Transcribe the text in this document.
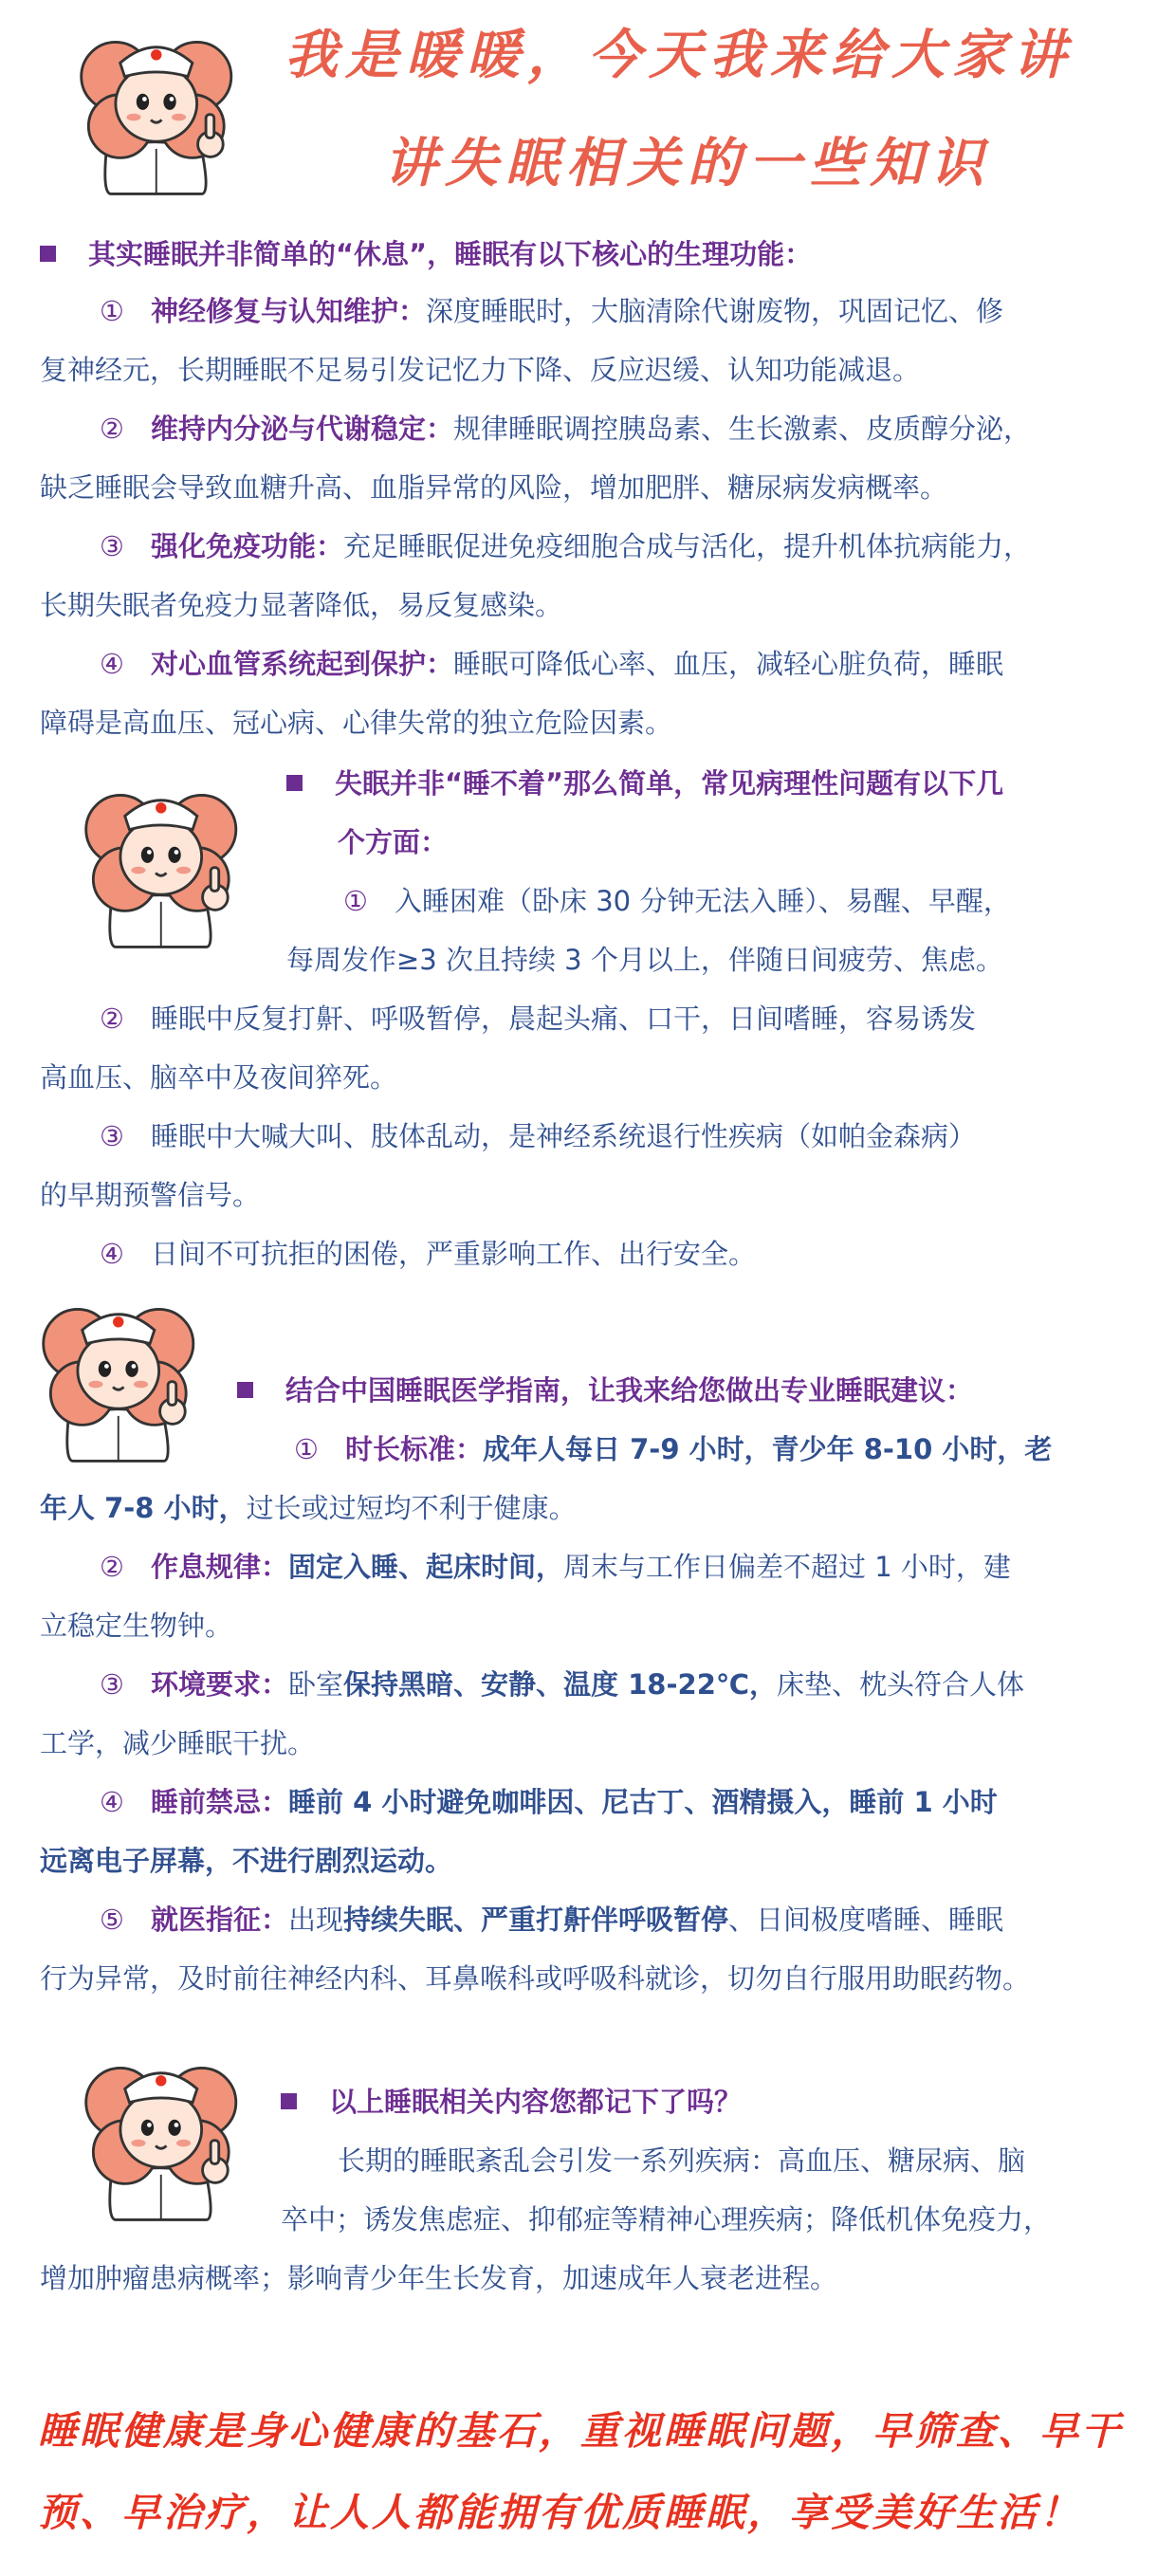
我是暖暖，今天我来给大家讲
讲失眠相关的一些知识
其实睡眠并非简单的“休息”，睡眠有以下核心的生理功能：
① 神经修复与认知维护：深度睡眠时，大脑清除代谢废物，巩固记忆、修
复神经元，长期睡眠不足易引发记忆力下降、反应迟缓、认知功能减退。
② 维持内分泌与代谢稳定：规律睡眠调控胰岛素、生长激素、皮质醇分泌，
缺乏睡眠会导致血糖升高、血脂异常的风险，增加肥胖、糖尿病发病概率。
③ 强化免疫功能：充足睡眠促进免疫细胞合成与活化，提升机体抗病能力，
长期失眠者免疫力显著降低，易反复感染。
④ 对心血管系统起到保护：睡眠可降低心率、血压，减轻心脏负荷，睡眠
障碍是高血压、冠心病、心律失常的独立危险因素。
失眠并非“睡不着”那么简单，常见病理性问题有以下几
个方面：
① 入睡困难（卧床 30 分钟无法入睡）、易醒、早醒，
每周发作≥3 次且持续 3 个月以上，伴随日间疲劳、焦虑。
② 睡眠中反复打鼾、呼吸暂停，晨起头痛、口干，日间嗜睡，容易诱发
高血压、脑卒中及夜间猝死。
③ 睡眠中大喊大叫、肢体乱动，是神经系统退行性疾病（如帕金森病）
的早期预警信号。
④ 日间不可抗拒的困倦，严重影响工作、出行安全。
结合中国睡眠医学指南，让我来给您做出专业睡眠建议：
① 时长标准：成年人每日 7-9 小时，青少年 8-10 小时，老
年人 7-8 小时，过长或过短均不利于健康。
② 作息规律：固定入睡、起床时间，周末与工作日偏差不超过 1 小时，建
立稳定生物钟。
③ 环境要求：卧室保持黑暗、安静、温度 18-22℃，床垫、枕头符合人体
工学，减少睡眠干扰。
④ 睡前禁忌：睡前 4 小时避免咖啡因、尼古丁、酒精摄入，睡前 1 小时
远离电子屏幕，不进行剧烈运动。
⑤ 就医指征：出现持续失眠、严重打鼾伴呼吸暂停、日间极度嗜睡、睡眠
行为异常，及时前往神经内科、耳鼻喉科或呼吸科就诊，切勿自行服用助眠药物。
以上睡眠相关内容您都记下了吗？
长期的睡眠紊乱会引发一系列疾病：高血压、糖尿病、脑
卒中；诱发焦虑症、抑郁症等精神心理疾病；降低机体免疫力，
增加肿瘤患病概率；影响青少年生长发育，加速成年人衰老进程。
睡眠健康是身心健康的基石，重视睡眠问题，早筛查、早干
预、早治疗，让人人都能拥有优质睡眠，享受美好生活！
